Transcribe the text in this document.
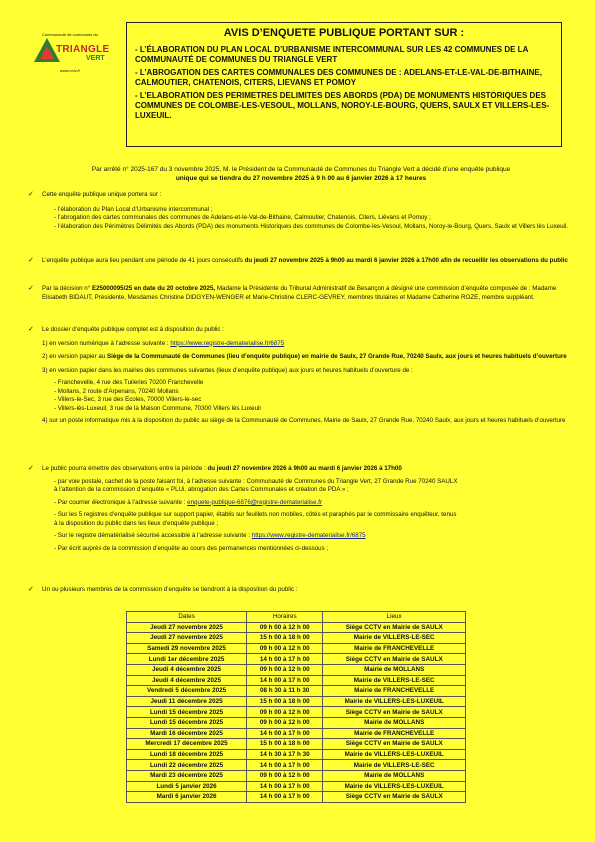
Communauté de communes du
TRIANGLE
VERT
www.cctv.fr
AVIS D’ENQUETE PUBLIQUE PORTANT SUR :
- L’ÉLABORATION DU PLAN LOCAL D’URBANISME INTERCOMMUNAL SUR LES 42 COMMUNES DE LA COMMUNAUTÉ DE COMMUNES DU TRIANGLE VERT
- L’ABROGATION DES CARTES COMMUNALES DES COMMUNES DE : ADELANS-ET-LE-VAL-DE-BITHAINE, CALMOUTIER, CHATENOIS, CITERS, LIEVANS ET POMOY
- L’ELABORATION DES PERIMETRES DELIMITES DES ABORDS (PDA) DE MONUMENTS HISTORIQUES DES COMMUNES DE COLOMBE-LES-VESOUL, MOLLANS, NOROY-LE-BOURG, QUERS, SAULX ET VILLERS-LES-LUXEUIL.
Par arrêté n° 2025-167 du 3 novembre 2025, M. le Président de la Communauté de Communes du Triangle Vert a décidé d’une enquête publique
unique qui se tiendra du 27 novembre 2025 à 9 h 00 au 6 janvier 2026 à 17 heures
✓ Cette enquête publique unique portera sur :
- l’élaboration du Plan Local d’Urbanisme intercommunal ;
- l’abrogation des cartes communales des communes de Adelans-et-le-Val-de-Bithaine, Calmoutier, Chatenois, Citers, Lièvans et Pomoy ;
- l’élaboration des Périmètres Délimités des Abords (PDA) des monuments Historiques des communes de Colombe-les-Vesoul, Mollans, Noroy-le-Bourg, Quers, Saulx et Villers lès Luxeuil.
✓ L’enquête publique aura lieu pendant une période de 41 jours consécutifs du jeudi 27 novembre 2025 à 9h00 au mardi 6 janvier 2026 à 17h00 afin de recueillir les observations du public
✓ Par la décision n° E25000095/25 en date du 20 octobre 2025, Madame la Présidente du Tribunal Administratif de Besançon a désigné une commission d’enquête composée de : Madame Elisabeth BIDAUT, Présidente, Mesdames Christine DIDGYEN-WENGER et Marie-Christine CLERC-GEVREY, membres titulaires et Madame Catherine ROZE, membre suppléant.
✓ Le dossier d’enquête publique complet est à disposition du public :
1) en version numérique à l’adresse suivante : https://www.registre-dematerialise.fr/6875
2) en version papier au Siège de la Communauté de Communes (lieu d’enquête publique) en mairie de Saulx, 27 Grande Rue, 70240 Saulx, aux jours et heures habituels d’ouverture
3) en version papier dans les mairies des communes suivantes (lieux d’enquête publique) aux jours et heures habituels d’ouverture de :
- Franchevelle, 4 rue des Tuileries 70200 Franchevelle
- Mollans, 2 route d’Arpenans, 70240 Mollans
- Villers-le-Sec, 3 rue des Ecoles, 70000 Villers-le-sec
- Villers-lès-Luxeuil, 3 rue de la Maison Commune, 70300 Villers lès Luxeuil
4) sur un poste informatique mis à la disposition du public au siège de la Communauté de Communes, Mairie de Saulx, 27 Grande Rue, 70240 Saulx, aux jours et heures habituels d’ouverture
✓ Le public pourra émettre des observations entre la période : du jeudi 27 novembre 2026 à 9h00 au mardi 6 janvier 2026 à 17h00
- par voie postale, cachet de la poste faisant foi, à l’adresse suivante : Communauté de Communes du Triangle Vert, 27 Grande Rue 70240 SAULX
à l’attention de la commission d’enquête « PLUi, abrogation des Cartes Communales et création de PDA » ;
- Par courrier électronique à l’adresse suivante : enquete-publique-6876@registre-dematerialise.fr
- Sur les 5 registres d’enquête publique sur support papier, établis sur feuillets non mobiles, côtés et paraphés par le commissaire enquêteur, tenus
à la disposition du public dans les lieux d’enquête publique ;
- Sur le registre dématérialisé sécurisé accessible à l’adresse suivante : https://www.registre-dematerialise.fr/6875
- Par écrit auprès de la commission d’enquête au cours des permanences mentionnées ci-dessous ;
✓ Un ou plusieurs membres de la commission d’enquête se tiendront à la disposition du public :
Dates	Horaires	Lieux
Jeudi 27 novembre 2025	09 h 00 à 12 h 00	Siège CCTV en Mairie de SAULX
Jeudi 27 novembre 2025	15 h 00 à 18 h 00	Mairie de VILLERS-LE-SEC
Samedi 29 novembre 2025	09 h 00 à 12 h 00	Mairie de FRANCHEVELLE
Lundi 1er décembre 2025	14 h 00 à 17 h 00	Siège CCTV en Mairie de SAULX
Jeudi 4 décembre 2025	09 h 00 à 12 h 00	Mairie de MOLLANS
Jeudi 4 décembre 2025	14 h 00 à 17 h 00	Mairie de VILLERS-LE-SEC
Vendredi 5 décembre 2025	08 h 30 à 11 h 30	Mairie de FRANCHEVELLE
Jeudi 11 décembre 2025	15 h 00 à 18 h 00	Mairie de VILLERS-LES-LUXEUIL
Lundi 15 décembre 2025	09 h 00 à 12 h 00	Siège CCTV en Mairie de SAULX
Lundi 15 décembre 2025	09 h 00 à 12 h 00	Mairie de MOLLANS
Mardi 16 décembre 2025	14 h 00 à 17 h 00	Mairie de FRANCHEVELLE
Mercredi 17 décembre 2025	15 h 00 à 18 h 00	Siège CCTV en Mairie de SAULX
Lundi 18 décembre 2025	14 h 30 à 17 h 30	Mairie de VILLERS-LES-LUXEUIL
Lundi 22 décembre 2025	14 h 00 à 17 h 00	Mairie de VILLERS-LE-SEC
Mardi 23 décembre 2025	09 h 00 à 12 h 00	Mairie de MOLLANS
Lundi 5 janvier 2026	14 h 00 à 17 h 00	Mairie de VILLERS-LES-LUXEUIL
Mardi 6 janvier 2026	14 h 00 à 17 h 00	Siège CCTV en Mairie de SAULX
